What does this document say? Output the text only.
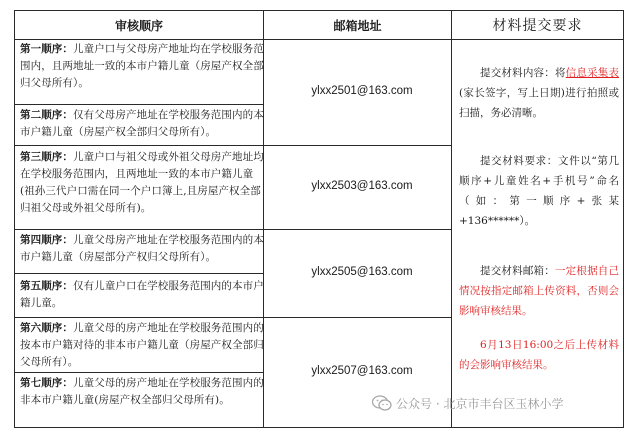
审核顺序	邮箱地址	材料提交要求
第一顺序：儿童户口与父母房产地址均在学校服务范围内，且两地址一致的本市户籍儿童（房屋产权全部归父母所有）。
第二顺序：仅有父母房产地址在学校服务范围内的本市户籍儿童（房屋产权全部归父母所有）。
第三顺序：儿童户口与祖父母或外祖父母房产地址均在学校服务范围内，且两地址一致的本市户籍儿童(祖孙三代户口需在同一个户口簿上,且房屋产权全部归祖父母或外祖父母所有)。
第四顺序：儿童父母房产地址在学校服务范围内的本市户籍儿童（房屋部分产权归父母所有）。
第五顺序：仅有儿童户口在学校服务范围内的本市户籍儿童。
第六顺序：儿童父母的房产地址在学校服务范围内的按本市户籍对待的非本市户籍儿童（房屋产权全部归父母所有）。
第七顺序：儿童父母的房产地址在学校服务范围内的非本市户籍儿童(房屋产权全部归父母所有)。
ylxx2501@163.com
ylxx2503@163.com
ylxx2505@163.com
ylxx2507@163.com
提交材料内容：将信息采集表(家长签字，写上日期)进行拍照或扫描，务必清晰。
提交材料要求：文件以“第几顺序+儿童姓名+手机号”命名（如：第一顺序+张某+136******）。
提交材料邮箱：一定根据自己情况按指定邮箱上传资料，否则会影响审核结果。
6月13日16:00之后上传材料的会影响审核结果。
公众号 · 北京市丰台区玉林小学
